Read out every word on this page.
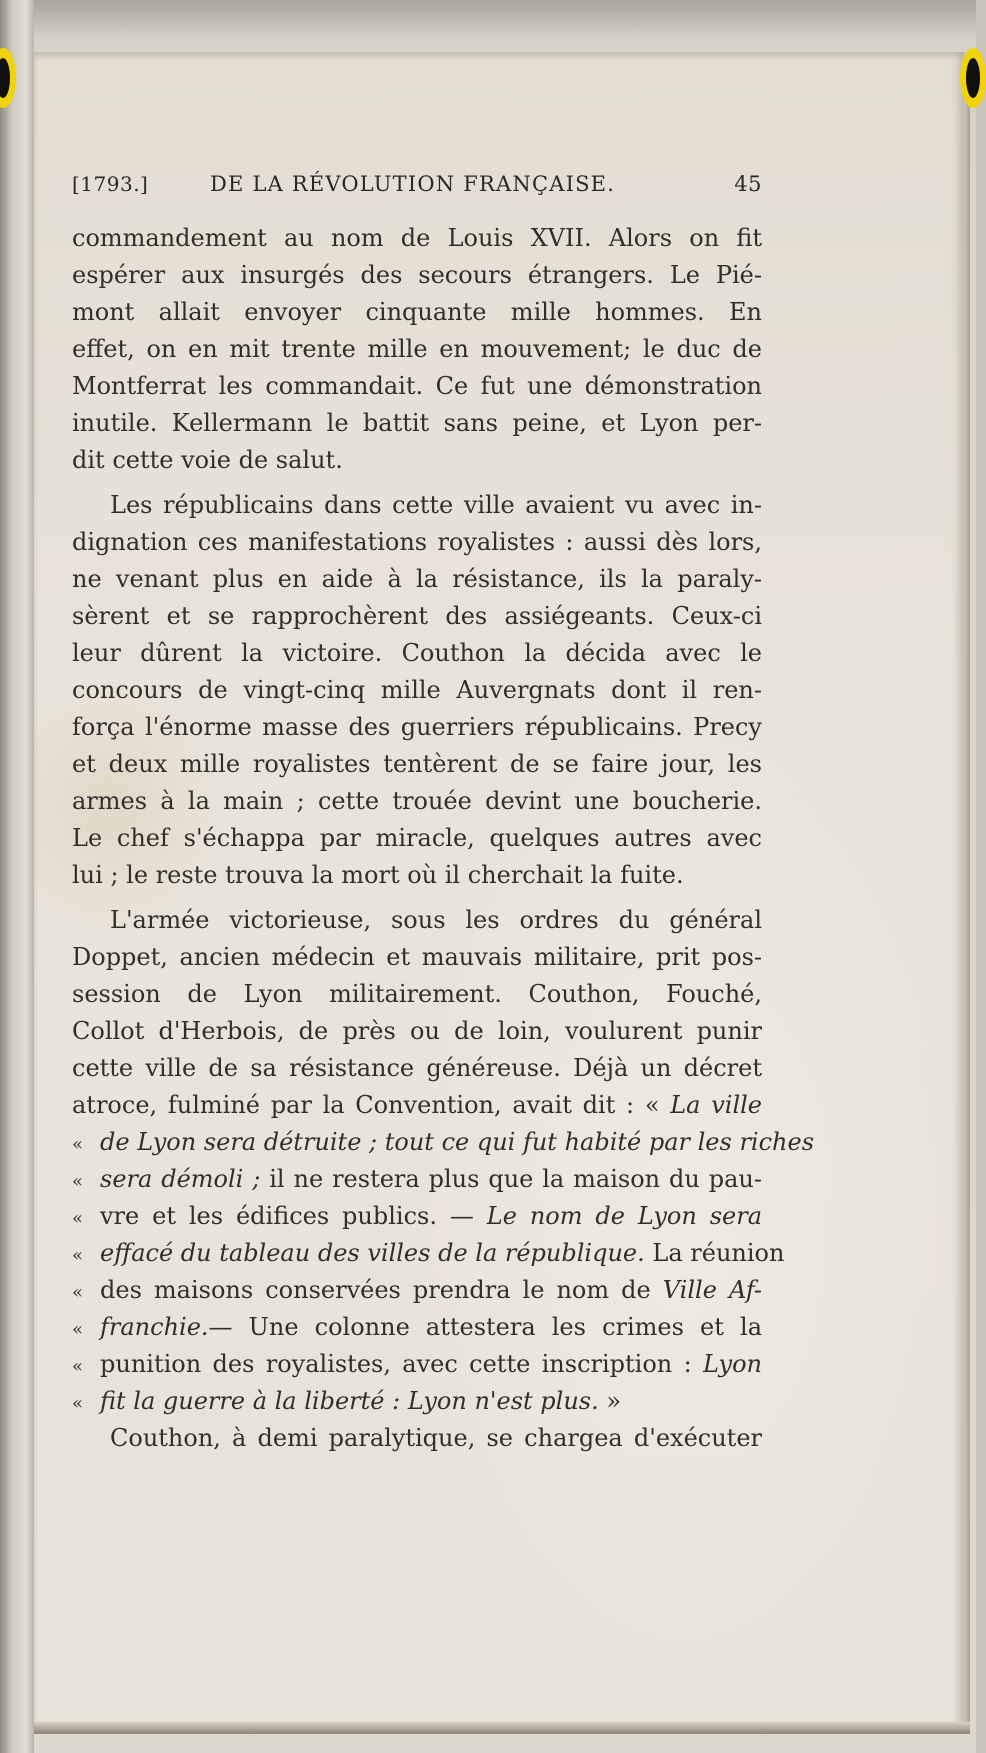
[1793.]	DE LA RÉVOLUTION FRANÇAISE.	45
commandement au nom de Louis XVII. Alors on fit
espérer aux insurgés des secours étrangers. Le Pié-
mont allait envoyer cinquante mille hommes. En
effet, on en mit trente mille en mouvement; le duc de
Montferrat les commandait. Ce fut une démonstration
inutile. Kellermann le battit sans peine, et Lyon per-
dit cette voie de salut.
Les républicains dans cette ville avaient vu avec in-
dignation ces manifestations royalistes : aussi dès lors,
ne venant plus en aide à la résistance, ils la paraly-
sèrent et se rapprochèrent des assiégeants. Ceux-ci
leur dûrent la victoire. Couthon la décida avec le
concours de vingt-cinq mille Auvergnats dont il ren-
força l'énorme masse des guerriers républicains. Precy
et deux mille royalistes tentèrent de se faire jour, les
armes à la main ; cette trouée devint une boucherie.
Le chef s'échappa par miracle, quelques autres avec
lui ; le reste trouva la mort où il cherchait la fuite.
L'armée victorieuse, sous les ordres du général
Doppet, ancien médecin et mauvais militaire, prit pos-
session de Lyon militairement. Couthon, Fouché,
Collot d'Herbois, de près ou de loin, voulurent punir
cette ville de sa résistance généreuse. Déjà un décret
atroce, fulminé par la Convention, avait dit : « La ville
« de Lyon sera détruite ; tout ce qui fut habité par les riches
« sera démoli ; il ne restera plus que la maison du pau-
« vre et les édifices publics. — Le nom de Lyon sera
« effacé du tableau des villes de la république. La réunion
« des maisons conservées prendra le nom de Ville Af-
« franchie.— Une colonne attestera les crimes et la
« punition des royalistes, avec cette inscription : Lyon
« fit la guerre à la liberté : Lyon n'est plus. »
Couthon, à demi paralytique, se chargea d'exécuter
